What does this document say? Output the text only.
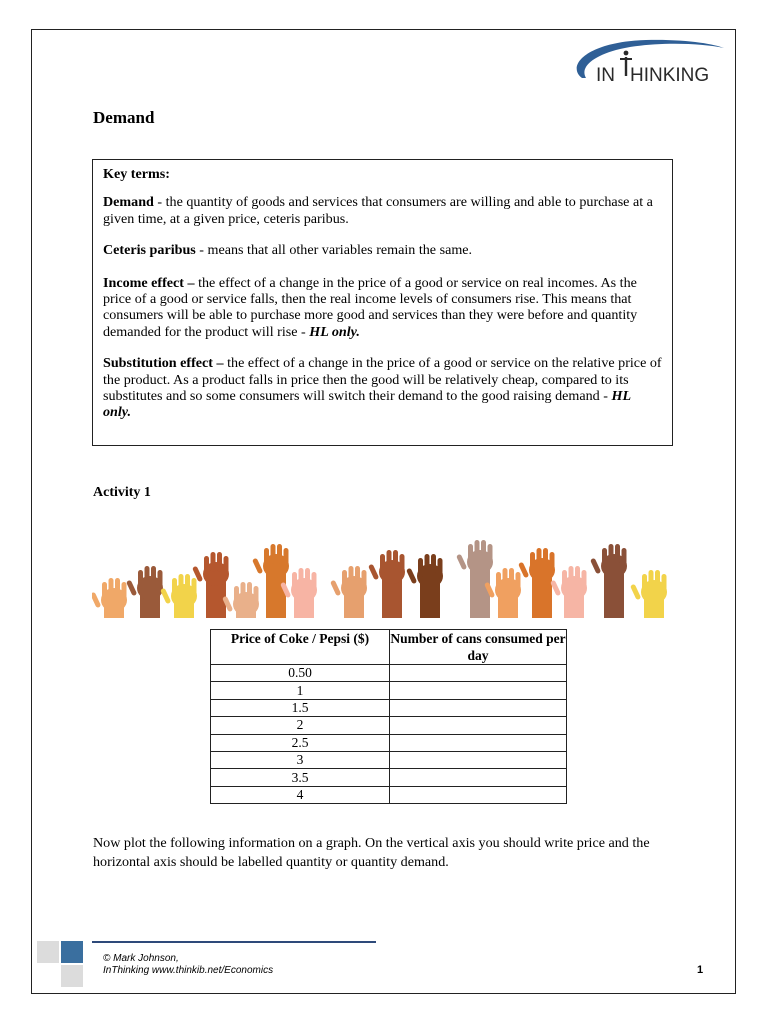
IN HINKING
Demand

Key terms:

Demand - the quantity of goods and services that consumers are willing and able to purchase at a given time, at a given price, ceteris paribus.

Ceteris paribus - means that all other variables remain the same.

Income effect – the effect of a change in the price of a good or service on real incomes. As the price of a good or service falls, then the real income levels of consumers rise. This means that consumers will be able to purchase more good and services than they were before and quantity demanded for the product will rise - HL only.

Substitution effect – the effect of a change in the price of a good or service on the relative price of the product. As a product falls in price then the good will be relatively cheap, compared to its substitutes and so some consumers will switch their demand to the good raising demand - HL only.

Activity 1
Price of Coke / Pepsi ($)	Number of cans consumed per day
0.50	
1	
1.5	
2	
2.5	
3	
3.5	
4	

Now plot the following information on a graph. On the vertical axis you should write price and the horizontal axis should be labelled quantity or quantity demand.

© Mark Johnson,
InThinking www.thinkib.net/Economics	1
